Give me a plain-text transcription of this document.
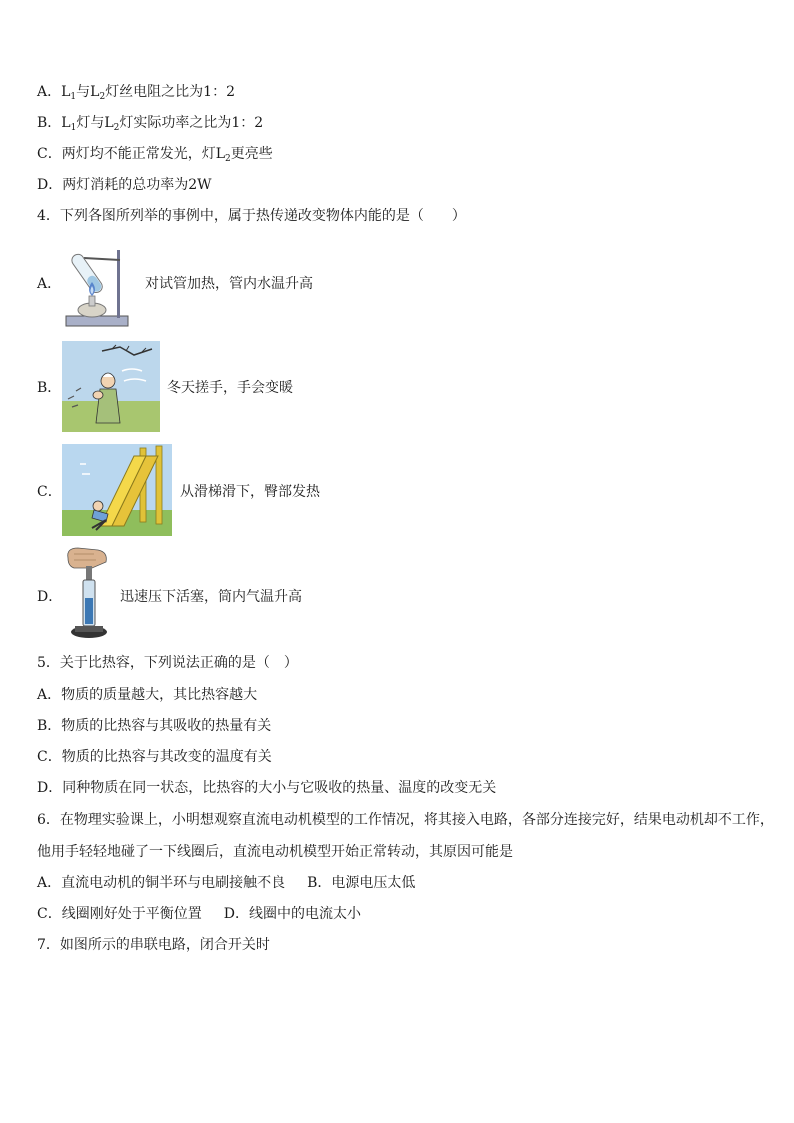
A．$L_1$与$L_2$灯丝电阻之比为1：2
B．$L_1$灯与$L_2$灯实际功率之比为1：2
C．两灯均不能正常发光，灯$L_2$更亮些
D．两灯消耗的总功率为2W
4．下列各图所列举的事例中，属于热传递改变物体内能的是（　　）
A．	对试管加热，管内水温升高
B．	冬天搓手，手会变暖
C．	从滑梯滑下，臀部发热
D．	迅速压下活塞，筒内气温升高
5．关于比热容，下列说法正确的是（　）
A．物质的质量越大，其比热容越大
B．物质的比热容与其吸收的热量有关
C．物质的比热容与其改变的温度有关
D．同种物质在同一状态，比热容的大小与它吸收的热量、温度的改变无关
6．在物理实验课上，小明想观察直流电动机模型的工作情况，将其接入电路，各部分连接完好，结果电动机却不工作，
他用手轻轻地碰了一下线圈后，直流电动机模型开始正常转动，其原因可能是
A．直流电动机的铜半环与电刷接触不良 B．电源电压太低
C．线圈刚好处于平衡位置 D．线圈中的电流太小
7．如图所示的串联电路，闭合开关时
